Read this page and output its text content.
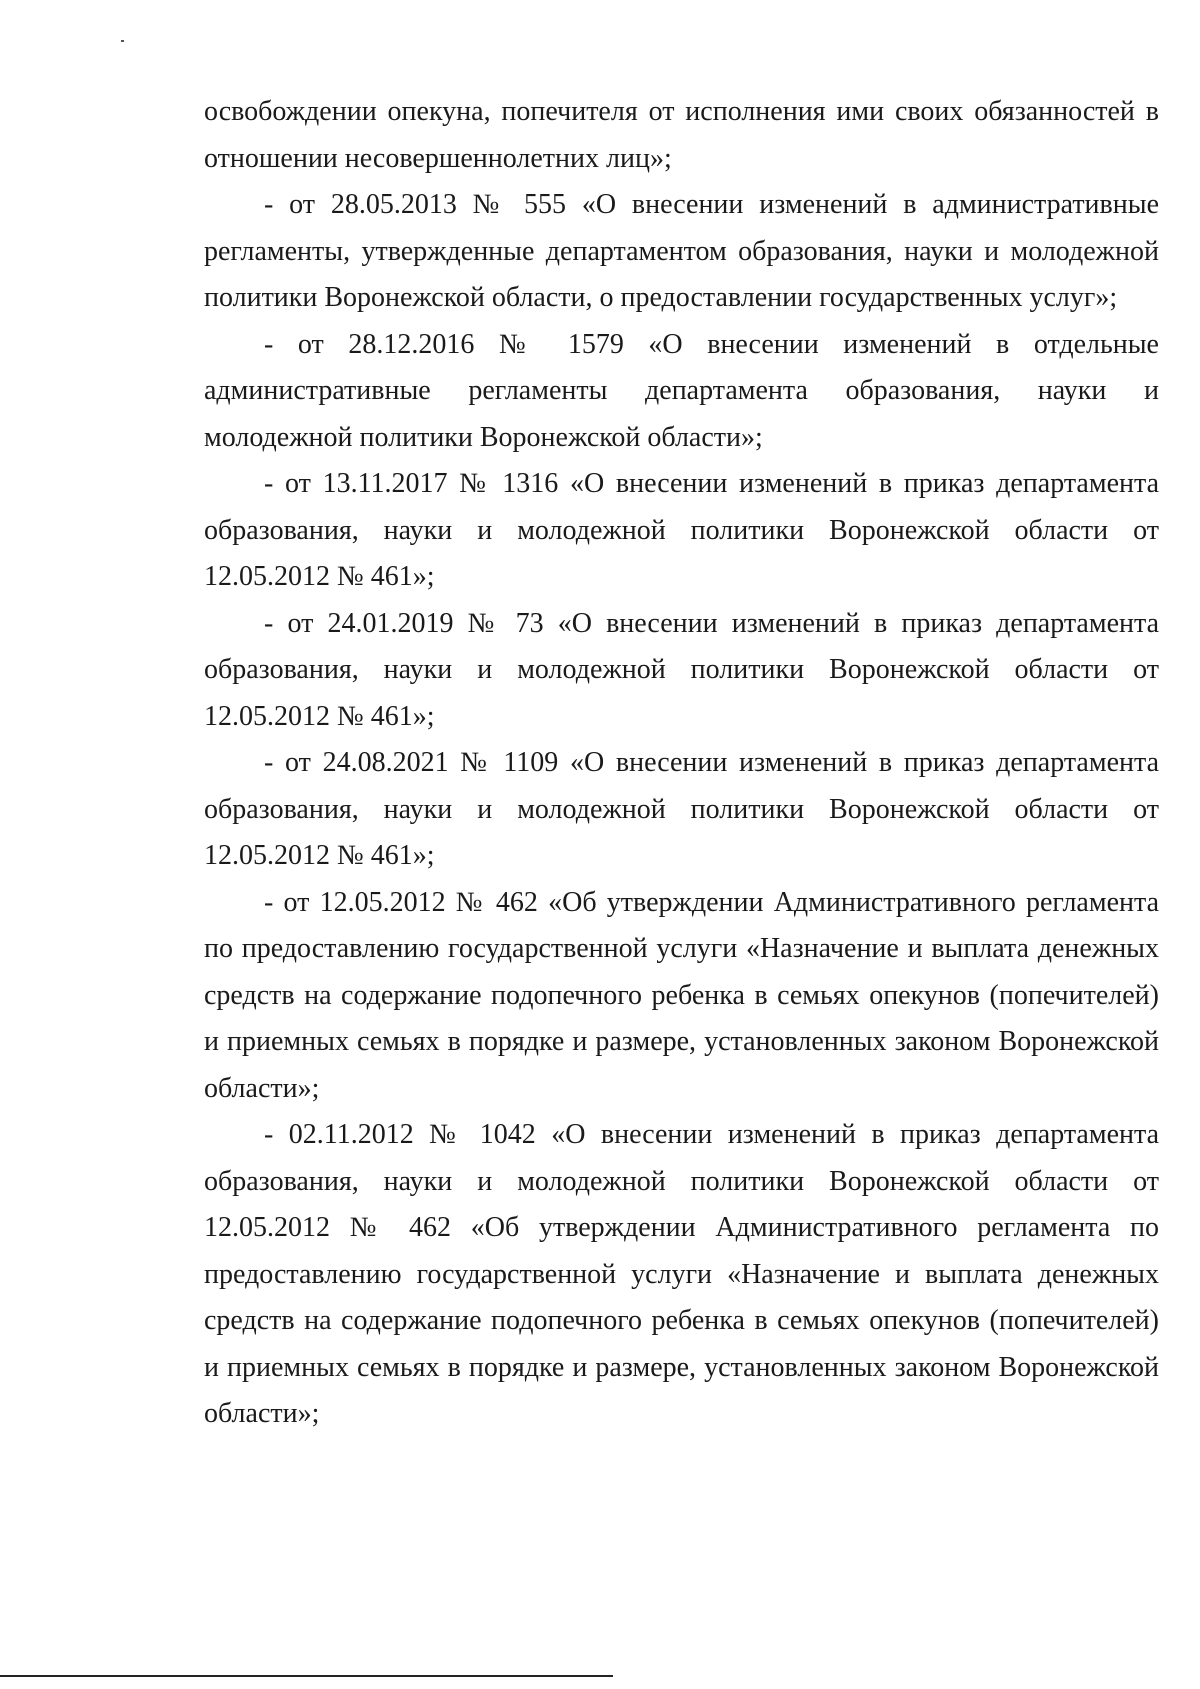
освобождении опекуна, попечителя от исполнения ими своих обязанностей в отношении несовершеннолетних лиц»;

- от 28.05.2013 № 555 «О внесении изменений в административные регламенты, утвержденные департаментом образования, науки и молодежной политики Воронежской области, о предоставлении государственных услуг»;

- от 28.12.2016 № 1579 «О внесении изменений в отдельные административные регламенты департамента образования, науки и молодежной политики Воронежской области»;

- от 13.11.2017 № 1316 «О внесении изменений в приказ департамента образования, науки и молодежной политики Воронежской области от 12.05.2012 № 461»;

- от 24.01.2019 № 73 «О внесении изменений в приказ департамента образования, науки и молодежной политики Воронежской области от 12.05.2012 № 461»;

- от 24.08.2021 № 1109 «О внесении изменений в приказ департамента образования, науки и молодежной политики Воронежской области от 12.05.2012 № 461»;

- от 12.05.2012 № 462 «Об утверждении Административного регламента по предоставлению государственной услуги «Назначение и выплата денежных средств на содержание подопечного ребенка в семьях опекунов (попечителей) и приемных семьях в порядке и размере, установленных законом Воронежской области»;

- 02.11.2012 № 1042 «О внесении изменений в приказ департамента образования, науки и молодежной политики Воронежской области от 12.05.2012 № 462 «Об утверждении Административного регламента по предоставлению государственной услуги «Назначение и выплата денежных средств на содержание подопечного ребенка в семьях опекунов (попечителей) и приемных семьях в порядке и размере, установленных законом Воронежской области»;
